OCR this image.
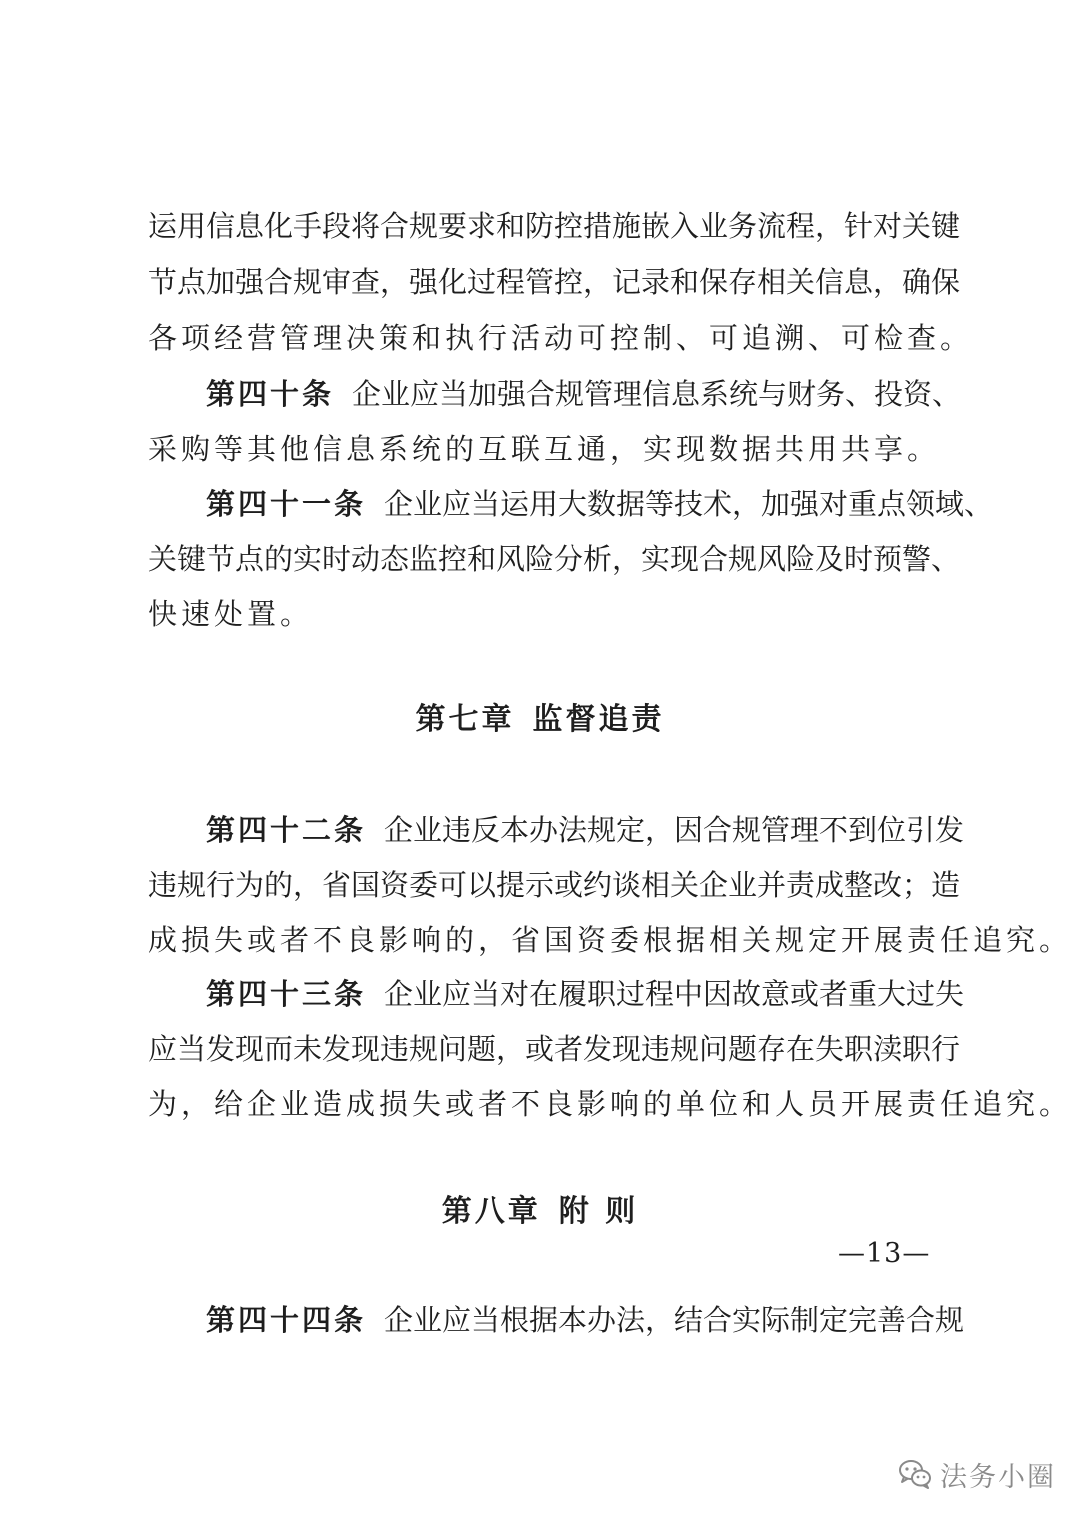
运用信息化手段将合规要求和防控措施嵌入业务流程，针对关键
节点加强合规审查，强化过程管控，记录和保存相关信息，确保
各项经营管理决策和执行活动可控制、可追溯、可检查。
第四十条 企业应当加强合规管理信息系统与财务、投资、
采购等其他信息系统的互联互通，实现数据共用共享。
第四十一条 企业应当运用大数据等技术，加强对重点领域、
关键节点的实时动态监控和风险分析，实现合规风险及时预警、
快速处置。
第七章 监督追责
第四十二条 企业违反本办法规定，因合规管理不到位引发
违规行为的，省国资委可以提示或约谈相关企业并责成整改；造
成损失或者不良影响的，省国资委根据相关规定开展责任追究。
第四十三条 企业应当对在履职过程中因故意或者重大过失
应当发现而未发现违规问题，或者发现违规问题存在失职渎职行
为，给企业造成损失或者不良影响的单位和人员开展责任追究。
第八章 附 则
第四十四条 企业应当根据本办法，结合实际制定完善合规
—13—
法务小圈
